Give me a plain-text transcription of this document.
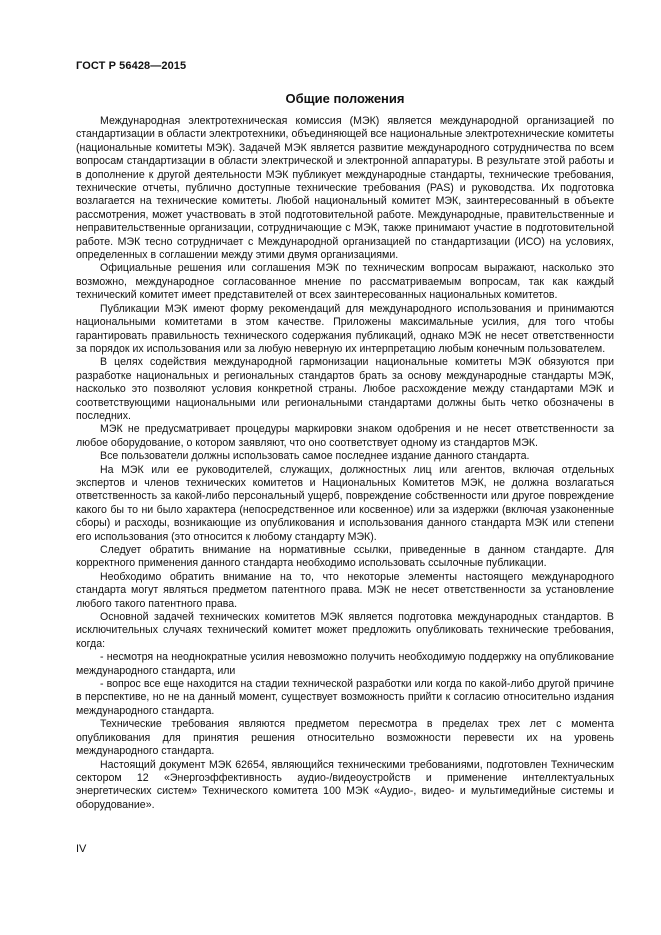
ГОСТ Р 56428—2015
Общие положения

Международная электротехническая комиссия (МЭК) является международной организацией по стандартизации в области электротехники, объединяющей все национальные электротехнические комитеты (национальные комитеты МЭК). Задачей МЭК является развитие международного сотрудничества по всем вопросам стандартизации в области электрической и электронной аппаратуры. В результате этой работы и в дополнение к другой деятельности МЭК публикует международные стандарты, технические требования, технические отчеты, публично доступные технические требования (PAS) и руководства. Их подготовка возлагается на технические комитеты. Любой национальный комитет МЭК, заинтересованный в объекте рассмотрения, может участвовать в этой подготовительной работе. Международные, правительственные и неправительственные организации, сотрудничающие с МЭК, также принимают участие в подготовительной работе. МЭК тесно сотрудничает с Международной организацией по стандартизации (ИСО) на условиях, определенных в соглашении между этими двумя организациями.

Официальные решения или соглашения МЭК по техническим вопросам выражают, насколько это возможно, международное согласованное мнение по рассматриваемым вопросам, так как каждый технический комитет имеет представителей от всех заинтересованных национальных комитетов.

Публикации МЭК имеют форму рекомендаций для международного использования и принимаются национальными комитетами в этом качестве. Приложены максимальные усилия, для того чтобы гарантировать правильность технического содержания публикаций, однако МЭК не несет ответственности за порядок их использования или за любую неверную их интерпретацию любым конечным пользователем.

В целях содействия международной гармонизации национальные комитеты МЭК обязуются при разработке национальных и региональных стандартов брать за основу международные стандарты МЭК, насколько это позволяют условия конкретной страны. Любое расхождение между стандартами МЭК и соответствующими национальными или региональными стандартами должны быть четко обозначены в последних.

МЭК не предусматривает процедуры маркировки знаком одобрения и не несет ответственности за любое оборудование, о котором заявляют, что оно соответствует одному из стандартов МЭК.

Все пользователи должны использовать самое последнее издание данного стандарта.

На МЭК или ее руководителей, служащих, должностных лиц или агентов, включая отдельных экспертов и членов технических комитетов и Национальных Комитетов МЭК, не должна возлагаться ответственность за какой-либо персональный ущерб, повреждение собственности или другое повреждение какого бы то ни было характера (непосредственное или косвенное) или за издержки (включая узаконенные сборы) и расходы, возникающие из опубликования и использования данного стандарта МЭК или степени его использования (это относится к любому стандарту МЭК).

Следует обратить внимание на нормативные ссылки, приведенные в данном стандарте. Для корректного применения данного стандарта необходимо использовать ссылочные публикации.

Необходимо обратить внимание на то, что некоторые элементы настоящего международного стандарта могут являться предметом патентного права. МЭК не несет ответственности за установление любого такого патентного права.

Основной задачей технических комитетов МЭК является подготовка международных стандартов. В исключительных случаях технический комитет может предложить опубликовать технические требования, когда:

- несмотря на неоднократные усилия невозможно получить необходимую поддержку на опубликование международного стандарта, или

- вопрос все еще находится на стадии технической разработки или когда по какой-либо другой причине в перспективе, но не на данный момент, существует возможность прийти к согласию относительно издания международного стандарта.

Технические требования являются предметом пересмотра в пределах трех лет с момента опубликования для принятия решения относительно возможности перевести их на уровень международного стандарта.

Настоящий документ МЭК 62654, являющийся техническими требованиями, подготовлен Техническим сектором 12 «Энергоэффективность аудио-/видеоустройств и применение интеллектуальных энергетических систем» Технического комитета 100 МЭК «Аудио-, видео- и мультимедийные системы и оборудование».

IV
